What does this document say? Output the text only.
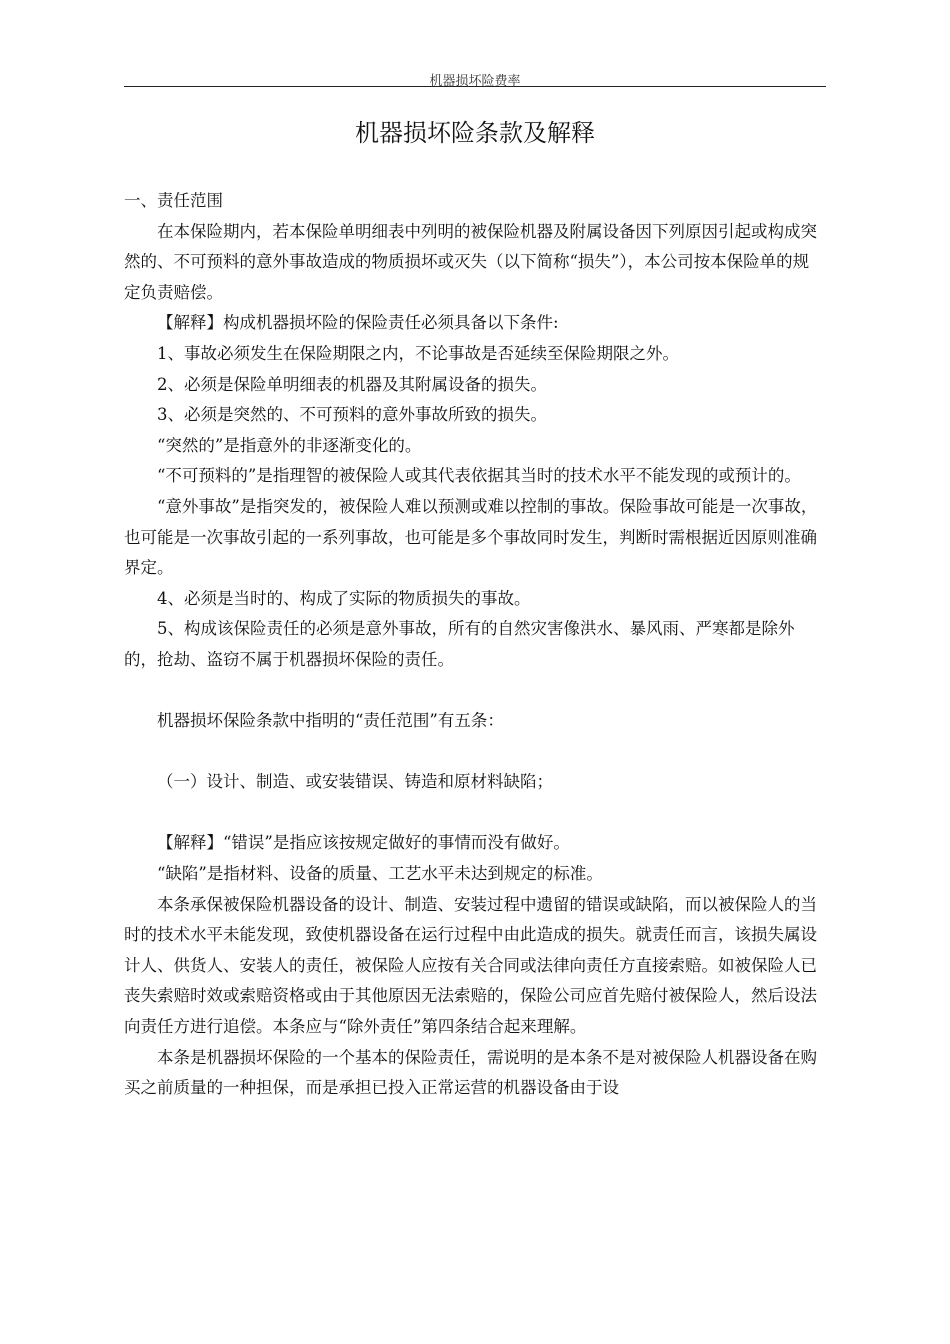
机器损坏险费率
机器损坏险条款及解释

一、责任范围

在本保险期内，若本保险单明细表中列明的被保险机器及附属设备因下列原因引起或构成突然的、不可预料的意外事故造成的物质损坏或灭失（以下简称“损失”），本公司按本保险单的规定负责赔偿。

【解释】构成机器损坏险的保险责任必须具备以下条件:

1、事故必须发生在保险期限之内，不论事故是否延续至保险期限之外。

2、必须是保险单明细表的机器及其附属设备的损失。

3、必须是突然的、不可预料的意外事故所致的损失。

“突然的”是指意外的非逐渐变化的。

“不可预料的”是指理智的被保险人或其代表依据其当时的技术水平不能发现的或预计的。

“意外事故”是指突发的，被保险人难以预测或难以控制的事故。保险事故可能是一次事故，也可能是一次事故引起的一系列事故，也可能是多个事故同时发生，判断时需根据近因原则准确界定。

4、必须是当时的、构成了实际的物质损失的事故。

5、构成该保险责任的必须是意外事故，所有的自然灾害像洪水、暴风雨、严寒都是除外的，抢劫、盗窃不属于机器损坏保险的责任。

机器损坏保险条款中指明的“责任范围”有五条：

（一）设计、制造、或安装错误、铸造和原材料缺陷；

【解释】“错误”是指应该按规定做好的事情而没有做好。

“缺陷”是指材料、设备的质量、工艺水平未达到规定的标准。

本条承保被保险机器设备的设计、制造、安装过程中遗留的错误或缺陷，而以被保险人的当时的技术水平未能发现，致使机器设备在运行过程中由此造成的损失。就责任而言，该损失属设计人、供货人、安装人的责任，被保险人应按有关合同或法律向责任方直接索赔。如被保险人已丧失索赔时效或索赔资格或由于其他原因无法索赔的，保险公司应首先赔付被保险人，然后设法向责任方进行追偿。本条应与“除外责任”第四条结合起来理解。

本条是机器损坏保险的一个基本的保险责任，需说明的是本条不是对被保险人机器设备在购买之前质量的一种担保，而是承担已投入正常运营的机器设备由于设
